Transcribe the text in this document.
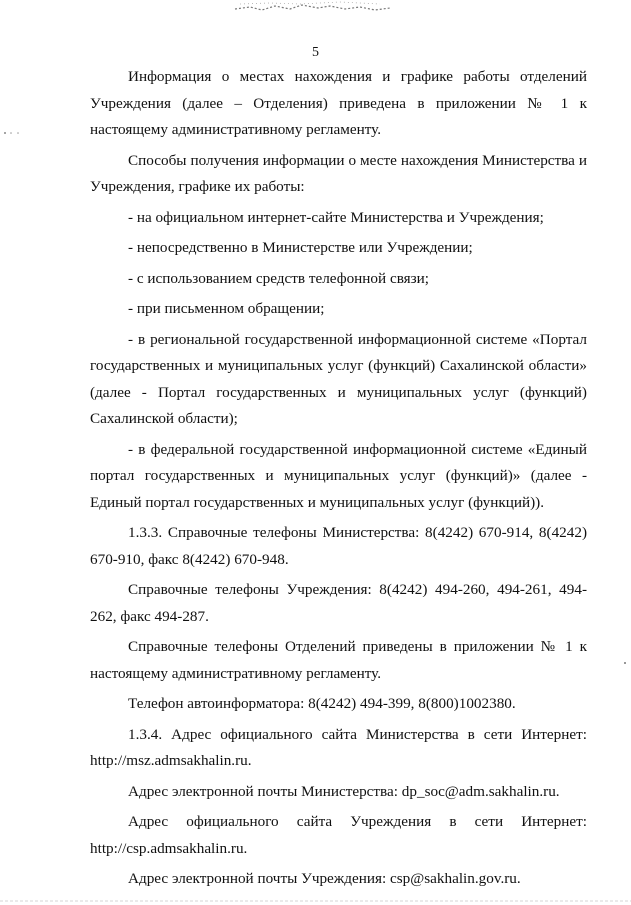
5

Информация о местах нахождения и графике работы отделений Учреждения (далее – Отделения) приведена в приложении № 1 к настоящему административному регламенту.

Способы получения информации о месте нахождения Министерства и Учреждения, графике их работы:

- на официальном интернет-сайте Министерства и Учреждения;

- непосредственно в Министерстве или Учреждении;

- с использованием средств телефонной связи;

- при письменном обращении;

- в региональной государственной информационной системе «Портал государственных и муниципальных услуг (функций) Сахалинской области» (далее - Портал государственных и муниципальных услуг (функций) Сахалинской области);

- в федеральной государственной информационной системе «Единый портал государственных и муниципальных услуг (функций)» (далее - Единый портал государственных и муниципальных услуг (функций)).

1.3.3. Справочные телефоны Министерства: 8(4242) 670-914, 8(4242) 670-910, факс 8(4242) 670-948.

Справочные телефоны Учреждения: 8(4242) 494-260, 494-261, 494-262, факс 494-287.

Справочные телефоны Отделений приведены в приложении № 1 к настоящему административному регламенту.

Телефон автоинформатора: 8(4242) 494-399, 8(800)1002380.

1.3.4. Адрес официального сайта Министерства в сети Интернет: http://msz.admsakhalin.ru.

Адрес электронной почты Министерства: dp_soc@adm.sakhalin.ru.

Адрес официального сайта Учреждения в сети Интернет: http://csp.admsakhalin.ru.

Адрес электронной почты Учреждения: csp@sakhalin.gov.ru.
